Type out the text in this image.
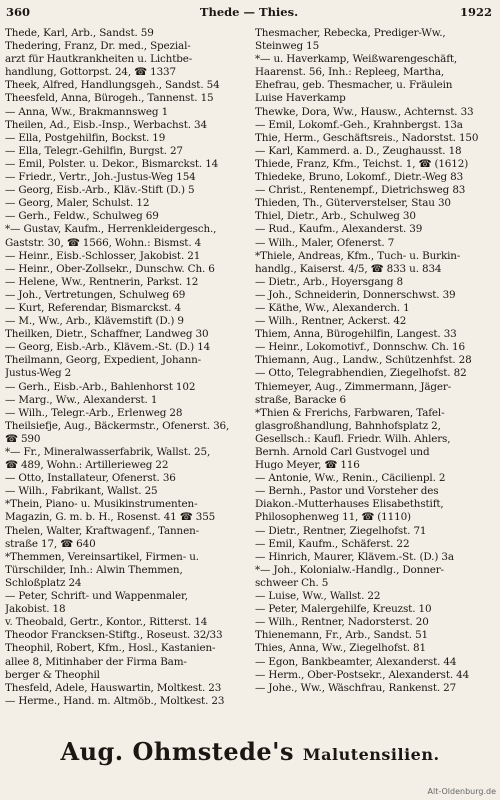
360	Thede — Thies.	1922
Thede, Karl, Arb., Sandst. 59
Thedering, Franz, Dr. med., Spezial-
arzt für Hautkrankheiten u. Lichtbe-
handlung, Gottorpst. 24, ☎ 1337
Theek, Alfred, Handlungsgeh., Sandst. 54
Theesfeld, Anna, Bürogeh., Tannenst. 15
— Anna, Ww., Brakmannsweg 1
Theilen, Ad., Eisb.-Insp., Werbachst. 34
— Ella, Postgehilfin, Bockst. 19
— Ella, Telegr.-Gehilfin, Burgst. 27
— Emil, Polster. u. Dekor., Bismarckst. 14
— Friedr., Vertr., Joh.-Justus-Weg 154
— Georg, Eisb.-Arb., Kläv.-Stift (D.) 5
— Georg, Maler, Schulst. 12
— Gerh., Feldw., Schulweg 69
*— Gustav, Kaufm., Herrenkleidergesch.,
Gaststr. 30, ☎ 1566, Wohn.: Bismst. 4
— Heinr., Eisb.-Schlosser, Jakobist. 21
— Heinr., Ober-Zollsekr., Dunschw. Ch. 6
— Helene, Ww., Rentnerin, Parkst. 12
— Joh., Vertretungen, Schulweg 69
— Kurt, Referendar, Bismarckst. 4
— M., Ww., Arb., Klävemstift (D.) 9
Theilken, Dietr., Schaffner, Landweg 30
— Georg, Eisb.-Arb., Klävem.-St. (D.) 14
Theilmann, Georg, Expedient, Johann-
Justus-Weg 2
— Gerh., Eisb.-Arb., Bahlenhorst 102
— Marg., Ww., Alexanderst. 1
— Wilh., Telegr.-Arb., Erlenweg 28
Theilsiefje, Aug., Bäckermstr., Ofenerst. 36,
☎ 590
*— Fr., Mineralwasserfabrik, Wallst. 25,
☎ 489, Wohn.: Artillerieweg 22
— Otto, Installateur, Ofenerst. 36
— Wilh., Fabrikant, Wallst. 25
*Thein, Piano- u. Musikinstrumenten-
Magazin, G. m. b. H., Rosenst. 41 ☎ 355
Thelen, Walter, Kraftwagenf., Tannen-
straße 17, ☎ 640
*Themmen, Vereinsartikel, Firmen- u.
Türschilder, Inh.: Alwin Themmen,
Schloßplatz 24
— Peter, Schrift- und Wappenmaler,
Jakobist. 18
v. Theobald, Gertr., Kontor., Ritterst. 14
Theodor Francksen-Stiftg., Roseust. 32/33
Theophil, Robert, Kfm., Hosl., Kastanien-
allee 8, Mitinhaber der Firma Bam-
berger & Theophil
Thesfeld, Adele, Hauswartin, Moltkest. 23
— Herme., Hand. m. Altmöb., Moltkest. 23
Thesmacher, Rebecka, Prediger-Ww.,
Steinweg 15
*— u. Haverkamp, Weißwarengeschäft,
Haarenst. 56, Inh.: Repleeg, Martha,
Ehefrau, geb. Thesmacher, u. Fräulein
Luise Haverkamp
Thewke, Dora, Ww., Hausw., Achternst. 33
— Emil, Lokomf.-Geh., Krahnbergst. 13a
Thie, Herm., Geschäftsreis., Nadorstst. 150
— Karl, Kammerd. a. D., Zeughausst. 18
Thiede, Franz, Kfm., Teichst. 1, ☎ (1612)
Thiedeke, Bruno, Lokomf., Dietr.-Weg 83
— Christ., Rentenempf., Dietrichsweg 83
Thieden, Th., Güterverstelser, Stau 30
Thiel, Dietr., Arb., Schulweg 30
— Rud., Kaufm., Alexanderst. 39
— Wilh., Maler, Ofenerst. 7
*Thiele, Andreas, Kfm., Tuch- u. Burkin-
handlg., Kaiserst. 4/5, ☎ 833 u. 834
— Dietr., Arb., Hoyersgang 8
— Joh., Schneiderin, Donnerschwst. 39
— Käthe, Ww., Alexanderch. 1
— Wilh., Rentner, Ackerst. 42
Thiem, Anna, Bürogehilfin, Langest. 33
— Heinr., Lokomotivf., Donnschw. Ch. 16
Thiemann, Aug., Landw., Schützenhfst. 28
— Otto, Telegrabhendien, Ziegelhofst. 82
Thiemeyer, Aug., Zimmermann, Jäger-
straße, Baracke 6
*Thien & Frerichs, Farbwaren, Tafel-
glasgroßhandlung, Bahnhofsplatz 2,
Gesellsch.: Kaufl. Friedr. Wilh. Ahlers,
Bernh. Arnold Carl Gustvogel und
Hugo Meyer, ☎ 116
— Antonie, Ww., Renin., Cäcilienpl. 2
— Bernh., Pastor und Vorsteher des
Diakon.-Mutterhauses Elisabethstift,
Philosophenweg 11, ☎ (1110)
— Dietr., Rentner, Ziegelhofst. 71
— Emil, Kaufm., Schäferst. 22
— Hinrich, Maurer, Klävem.-St. (D.) 3a
*— Joh., Kolonialw.-Handlg., Donner-
schweer Ch. 5
— Luise, Ww., Wallst. 22
— Peter, Malergehilfe, Kreuzst. 10
— Wilh., Rentner, Nadorsterst. 20
Thienemann, Fr., Arb., Sandst. 51
Thies, Anna, Ww., Ziegelhofst. 81
— Egon, Bankbeamter, Alexanderst. 44
— Herm., Ober-Postsekr., Alexanderst. 44
— Johe., Ww., Wäschfrau, Rankenst. 27
Aug. Ohmstede's Malutensilien.
Alt-Oldenburg.de
